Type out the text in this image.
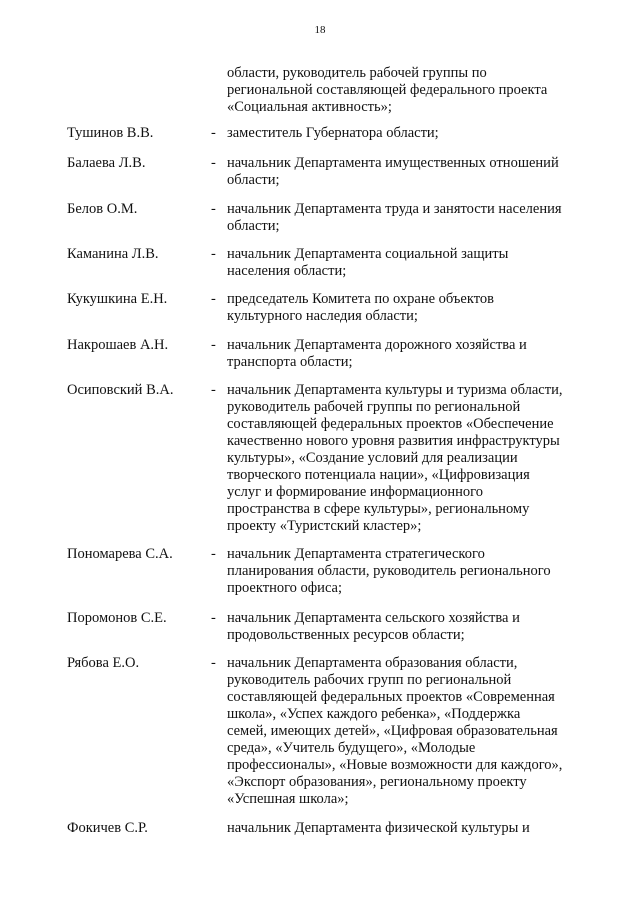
18
области, руководитель рабочей группы по
региональной составляющей федерального проекта
«Социальная активность»;
Тушинов В.В.	- заместитель Губернатора области;
Балаева Л.В.	- начальник Департамента имущественных отношений
области;
Белов О.М.	- начальник Департамента труда и занятости населения
области;
Каманина Л.В.	- начальник Департамента социальной защиты
населения области;
Кукушкина Е.Н.	- председатель Комитета по охране объектов
культурного наследия области;
Накрошаев А.Н.	- начальник Департамента дорожного хозяйства и
транспорта области;
Осиповский В.А.	- начальник Департамента культуры и туризма области,
руководитель рабочей группы по региональной
составляющей федеральных проектов «Обеспечение
качественно нового уровня развития инфраструктуры
культуры», «Создание условий для реализации
творческого потенциала нации», «Цифровизация
услуг и формирование информационного
пространства в сфере культуры», региональному
проекту «Туристский кластер»;
Пономарева С.А.	- начальник Департамента стратегического
планирования области, руководитель регионального
проектного офиса;
Поромонов С.Е.	- начальник Департамента сельского хозяйства и
продовольственных ресурсов области;
Рябова Е.О.	- начальник Департамента образования области,
руководитель рабочих групп по региональной
составляющей федеральных проектов «Современная
школа», «Успех каждого ребенка», «Поддержка
семей, имеющих детей», «Цифровая образовательная
среда», «Учитель будущего», «Молодые
профессионалы», «Новые возможности для каждого»,
«Экспорт образования», региональному проекту
«Успешная школа»;
Фокичев С.Р.	начальник Департамента физической культуры и
